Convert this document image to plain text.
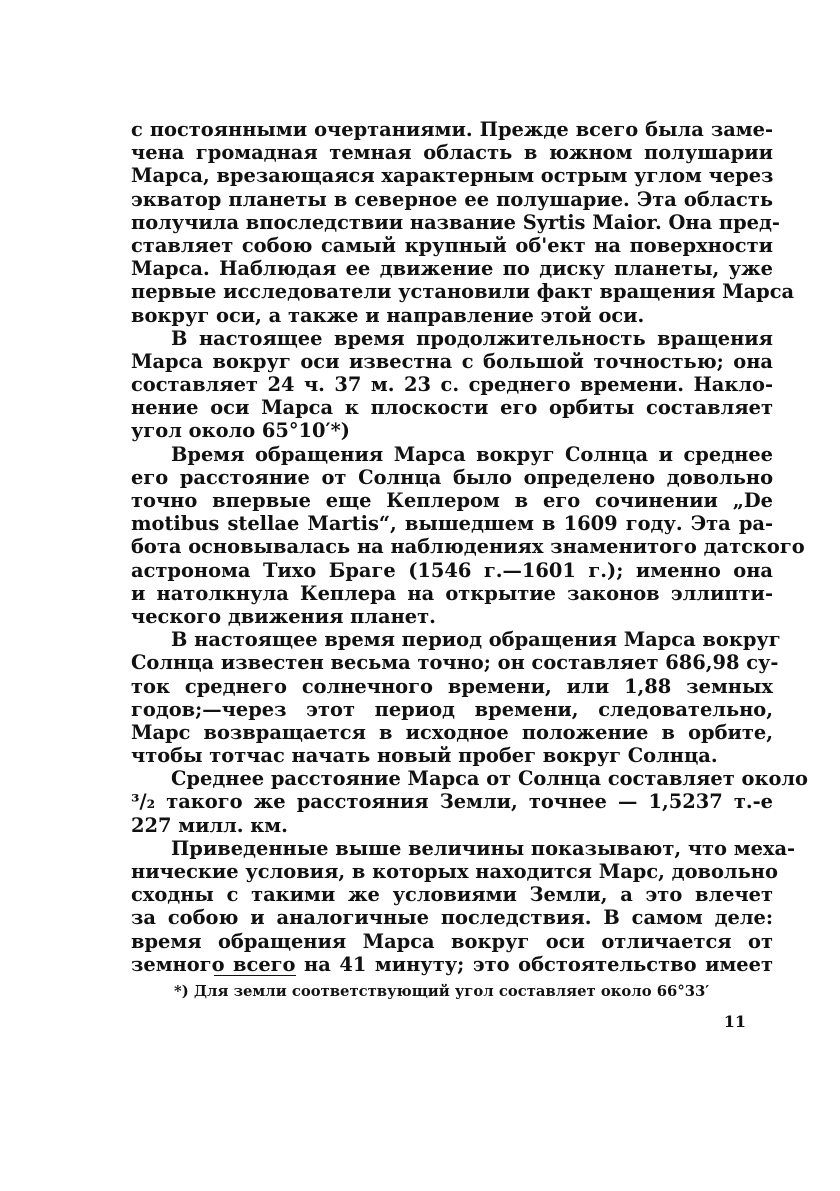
с постоянными очертаниями. Прежде всего была заме-
чена громадная темная область в южном полушарии
Марса, врезающаяся характерным острым углом через
экватор планеты в северное ее полушарие. Эта область
получила впоследствии название Syrtis Maior. Она пред-
ставляет собою самый крупный об'ект на поверхности
Марса. Наблюдая ее движение по диску планеты, уже
первые исследователи установили факт вращения Марса
вокруг оси, а также и направление этой оси.
В настоящее время продолжительность вращения
Марса вокруг оси известна с большой точностью; она
составляет 24 ч. 37 м. 23 с. среднего времени. Накло-
нение оси Марса к плоскости его орбиты составляет
угол около 65°10′*)
Время обращения Марса вокруг Солнца и среднее
его расстояние от Солнца было определено довольно
точно впервые еще Кеплером в его сочинении „De
motibus stellae Martis“, вышедшем в 1609 году. Эта ра-
бота основывалась на наблюдениях знаменитого датского
астронома Тихо Браге (1546 г.—1601 г.); именно она
и натолкнула Кеплера на открытие законов эллипти-
ческого движения планет.
В настоящее время период обращения Марса вокруг
Солнца известен весьма точно; он составляет 686,98 су-
ток среднего солнечного времени, или 1,88 земных
годов;—через этот период времени, следовательно,
Марс возвращается в исходное положение в орбите,
чтобы тотчас начать новый пробег вокруг Солнца.
Среднее расстояние Марса от Солнца составляет около
³/₂ такого же расстояния Земли, точнее — 1,5237 т.-е
227 милл. км.
Приведенные выше величины показывают, что меха-
нические условия, в которых находится Марс, довольно
сходны с такими же условиями Земли, а это влечет
за собою и аналогичные последствия. В самом деле:
время обращения Марса вокруг оси отличается от
земного всего на 41 минуту; это обстоятельство имеет
*) Для земли соответствующий угол составляет около 66°33′
11
